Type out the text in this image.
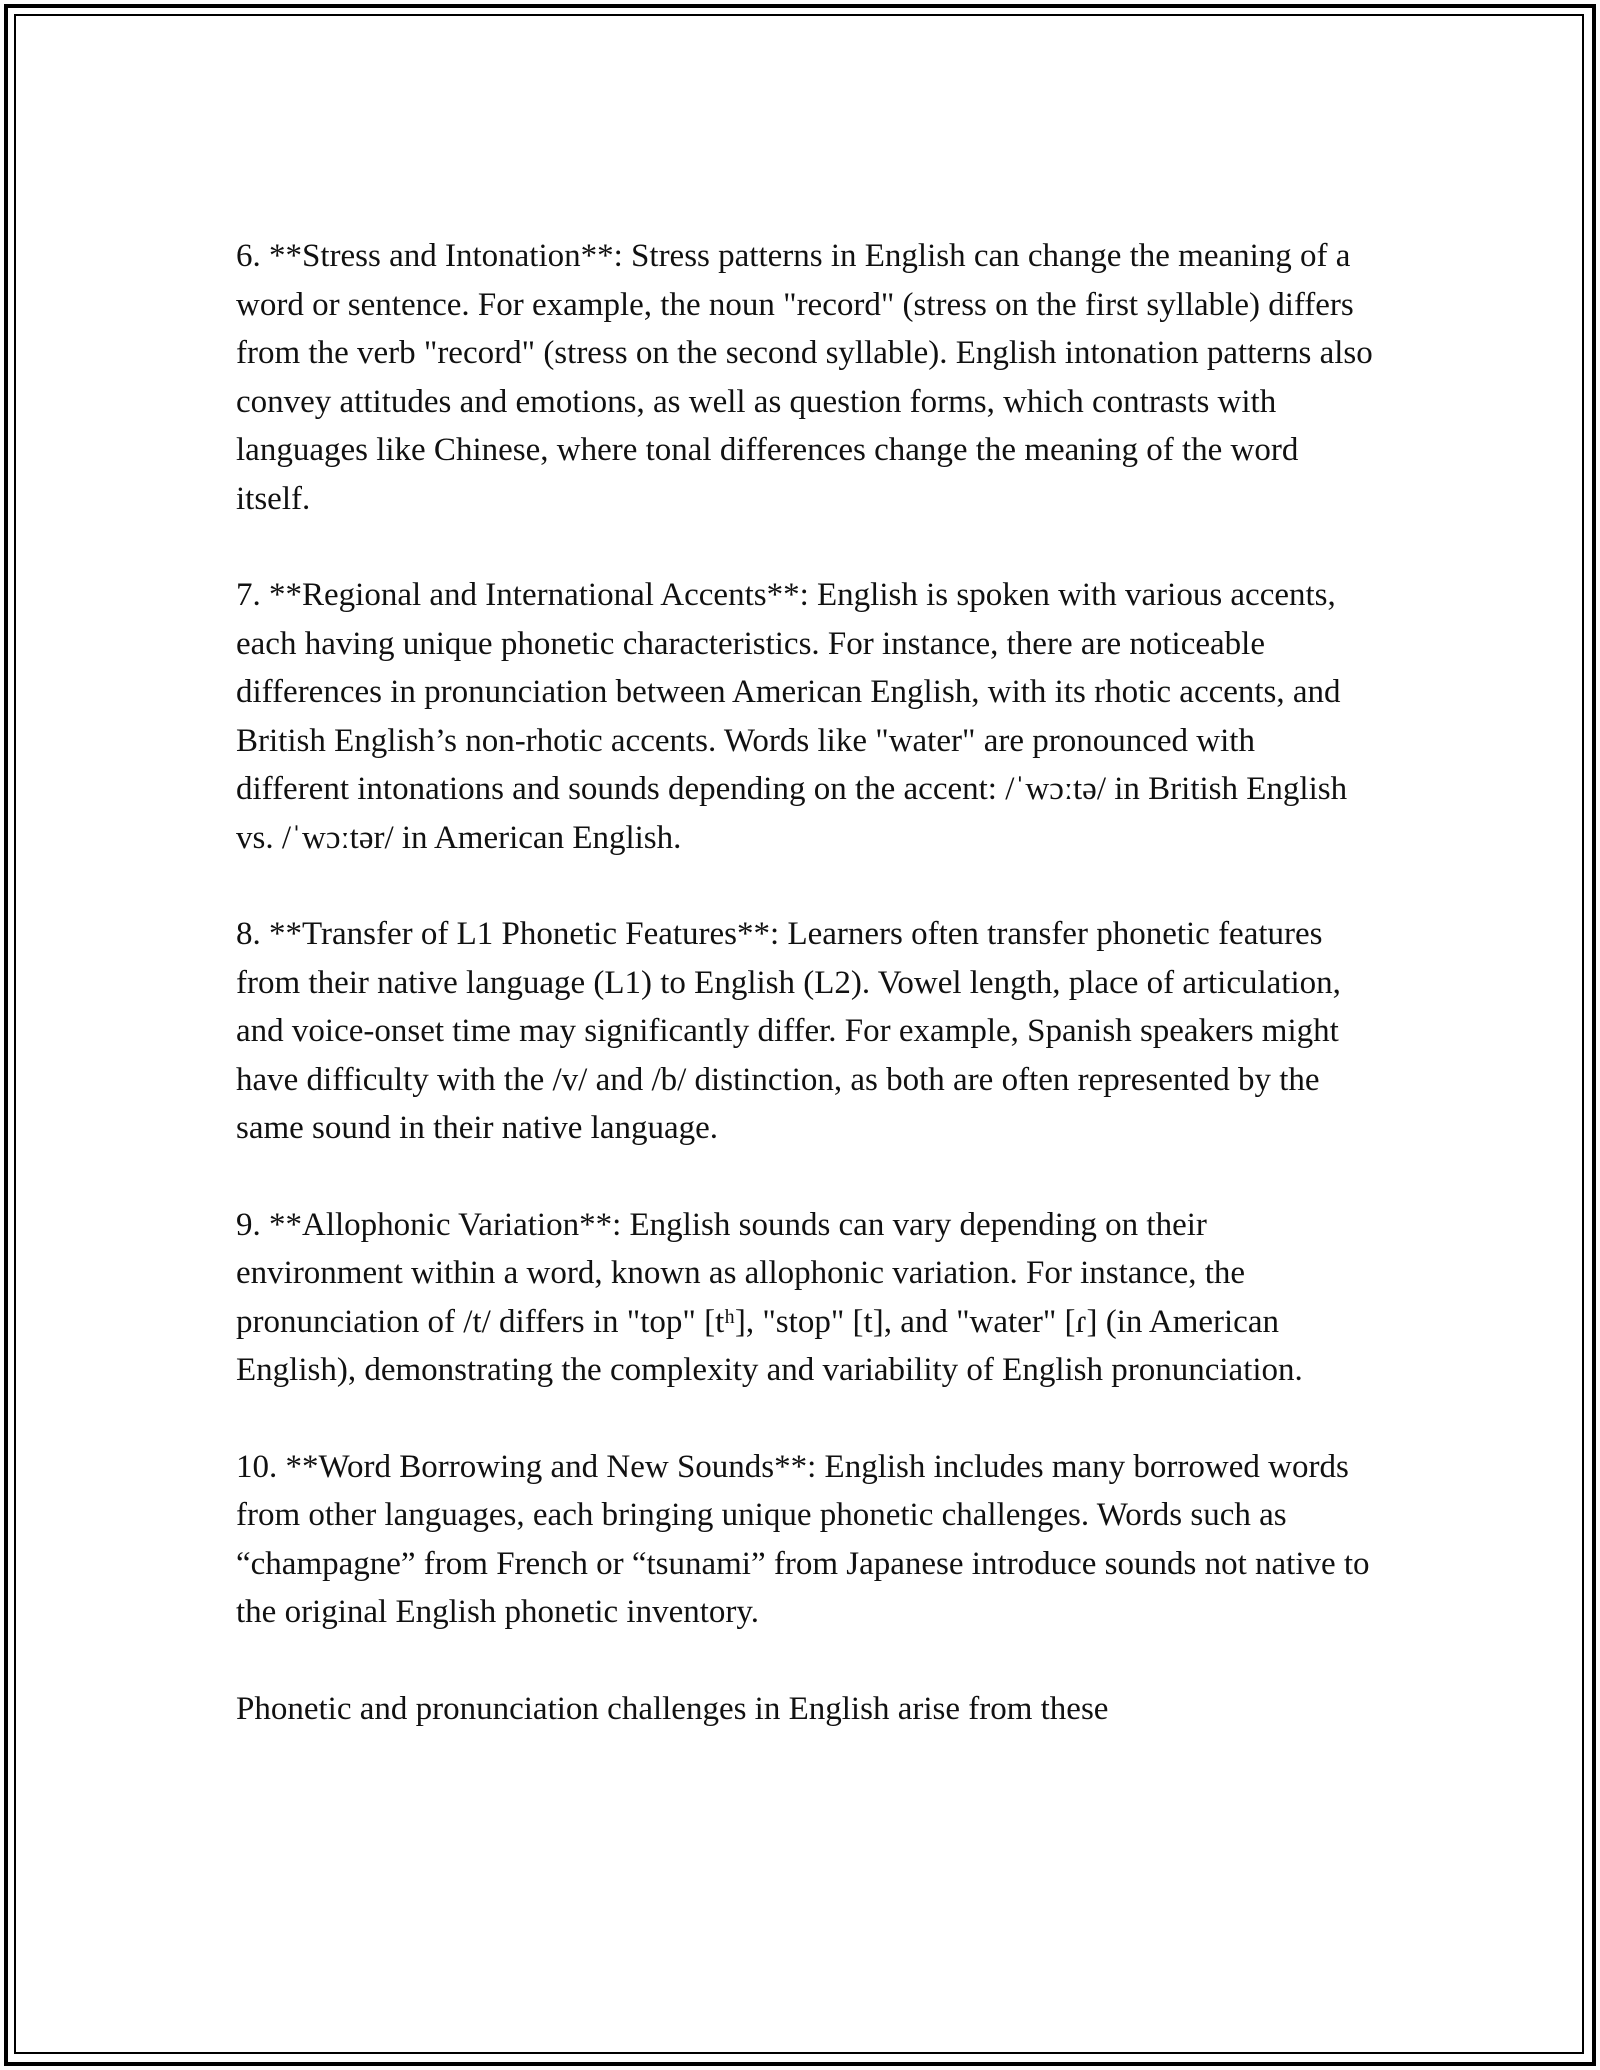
6. **Stress and Intonation**: Stress patterns in English can change the meaning of a word or sentence. For example, the noun "record" (stress on the first syllable) differs from the verb "record" (stress on the second syllable). English intonation patterns also convey attitudes and emotions, as well as question forms, which contrasts with languages like Chinese, where tonal differences change the meaning of the word itself.

7. **Regional and International Accents**: English is spoken with various accents, each having unique phonetic characteristics. For instance, there are noticeable differences in pronunciation between American English, with its rhotic accents, and British English’s non-rhotic accents. Words like "water" are pronounced with different intonations and sounds depending on the accent: /ˈwɔːtə/ in British English vs. /ˈwɔːtər/ in American English.

8. **Transfer of L1 Phonetic Features**: Learners often transfer phonetic features from their native language (L1) to English (L2). Vowel length, place of articulation, and voice-onset time may significantly differ. For example, Spanish speakers might have difficulty with the /v/ and /b/ distinction, as both are often represented by the same sound in their native language.

9. **Allophonic Variation**: English sounds can vary depending on their environment within a word, known as allophonic variation. For instance, the pronunciation of /t/ differs in "top" [tʰ], "stop" [t], and "water" [ɾ] (in American English), demonstrating the complexity and variability of English pronunciation.

10. **Word Borrowing and New Sounds**: English includes many borrowed words from other languages, each bringing unique phonetic challenges. Words such as “champagne” from French or “tsunami” from Japanese introduce sounds not native to the original English phonetic inventory.

Phonetic and pronunciation challenges in English arise from these
